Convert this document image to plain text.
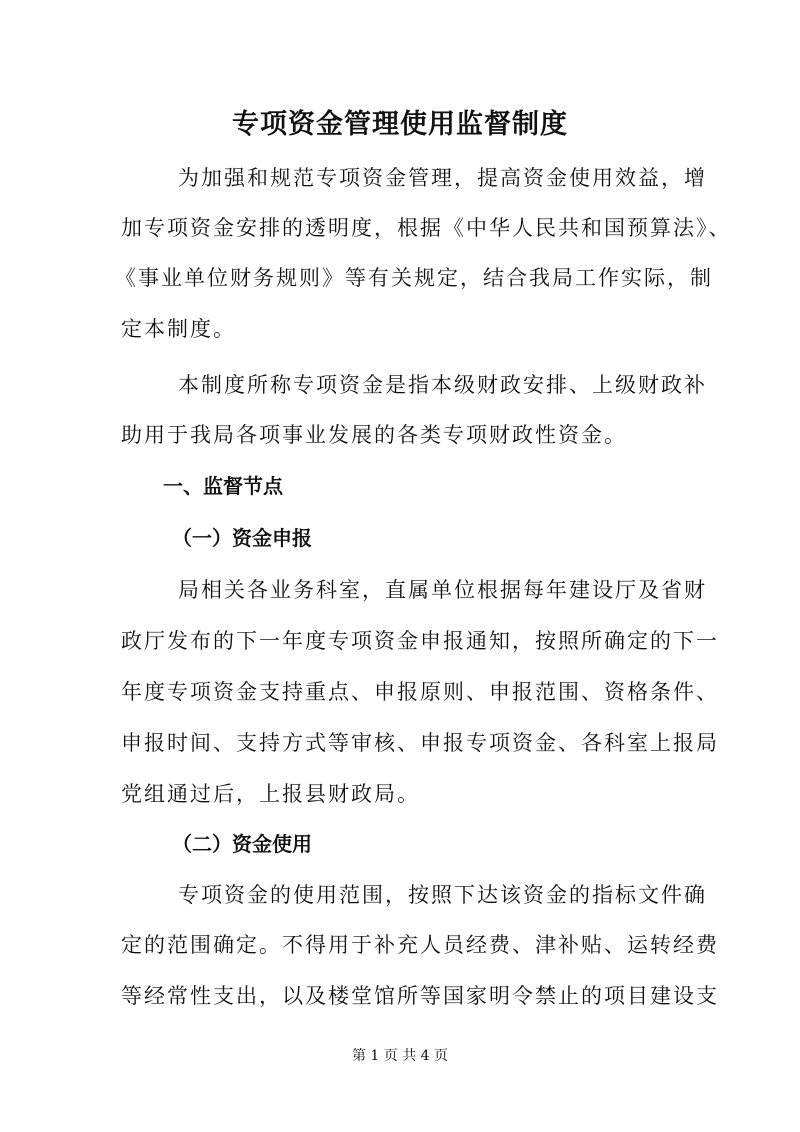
专项资金管理使用监督制度
为加强和规范专项资金管理，提高资金使用效益，增
加专项资金安排的透明度，根据《中华人民共和国预算法》、
《事业单位财务规则》等有关规定，结合我局工作实际，制
定本制度。
本制度所称专项资金是指本级财政安排、上级财政补
助用于我局各项事业发展的各类专项财政性资金。
一、监督节点
（一）资金申报
局相关各业务科室，直属单位根据每年建设厅及省财
政厅发布的下一年度专项资金申报通知，按照所确定的下一
年度专项资金支持重点、申报原则、申报范围、资格条件、
申报时间、支持方式等审核、申报专项资金、各科室上报局
党组通过后，上报县财政局。
（二）资金使用
专项资金的使用范围，按照下达该资金的指标文件确
定的范围确定。不得用于补充人员经费、津补贴、运转经费
等经常性支出，以及楼堂馆所等国家明令禁止的项目建设支
第 1 页 共 4 页
